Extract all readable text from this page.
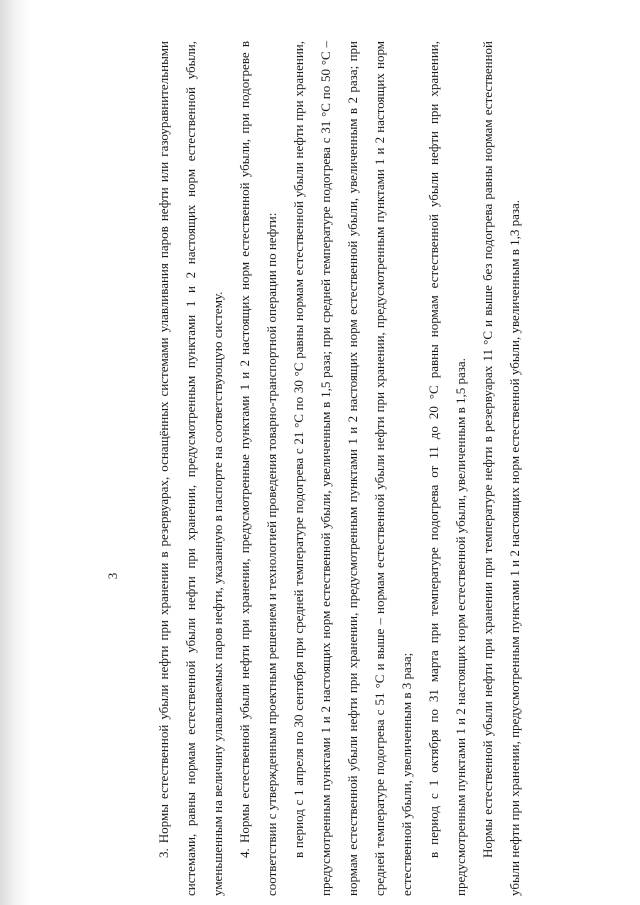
3	3. Нормы естественной убыли нефти при хранении в резервуарах, оснащённых системами улавливания паров нефти или газоуравнительными системами, равны нормам естественной убыли нефти при хранении, предусмотренным пунктами 1 и 2 настоящих норм естественной убыли, уменьшенным на величину улавливаемых паров нефти, указанную в паспорте на соответствующую систему. 4. Нормы естественной убыли нефти при хранении, предусмотренные пунктами 1 и 2 настоящих норм естественной убыли, при подогреве в соответствии с утвержденным проектным решением и технологией проведения товарно-транспортной операции по нефти: в период с 1 апреля по 30 сентября при средней температуре подогрева с 21 °С по 30 °С равны нормам естественной убыли нефти при хранении, предусмотренным пунктами 1 и 2 настоящих норм естественной убыли, увеличенным в 1,5 раза; при средней температуре подогрева с 31 °С по 50 °С – нормам естественной убыли нефти при хранении, предусмотренным пунктами 1 и 2 настоящих норм естественной убыли, увеличенным в 2 раза; при средней температуре подогрева с 51 °С и выше – нормам естественной убыли нефти при хранении, предусмотренным пунктами 1 и 2 настоящих норм естественной убыли, увеличенным в 3 раза; в период с 1 октября по 31 марта при температуре подогрева от 11 до 20 °С равны нормам естественной убыли нефти при хранении, предусмотренным пунктами 1 и 2 настоящих норм естественной убыли, увеличенным в 1,5 раза. Нормы естественной убыли нефти при хранении при температуре нефти в резервуарах 11 °С и выше без подогрева равны нормам естественной убыли нефти при хранении, предусмотренным пунктами 1 и 2 настоящих норм естественной убыли, увеличенным в 1,3 раза.
